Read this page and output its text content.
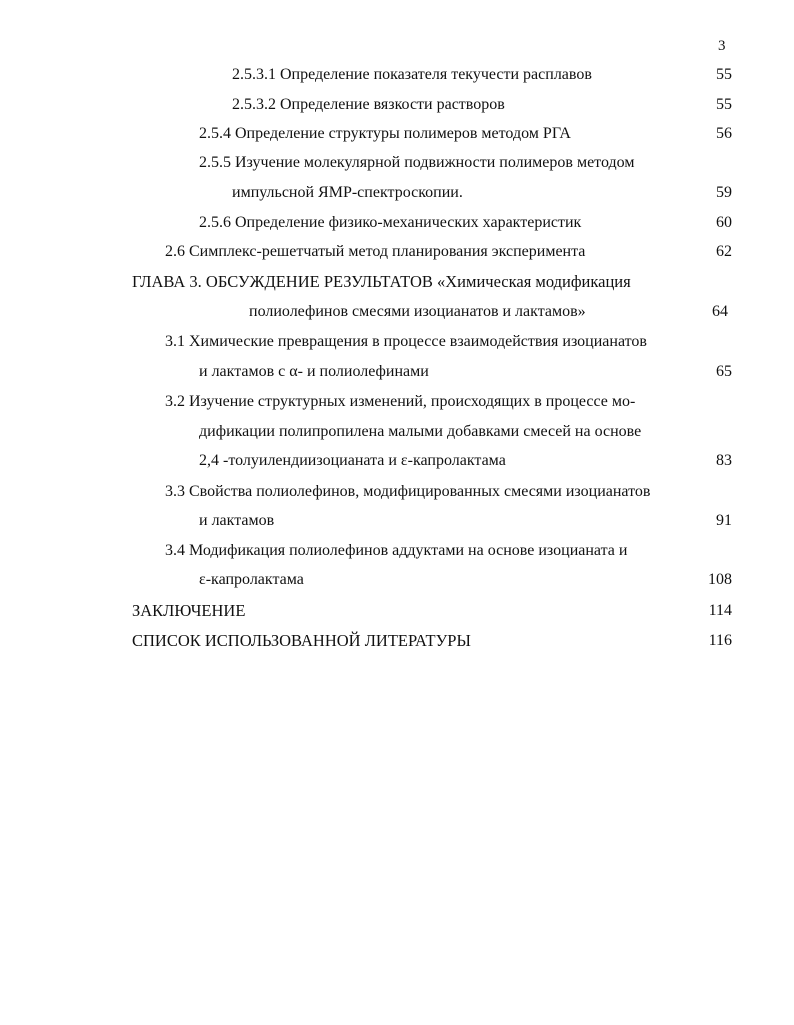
3
2.5.3.1 Определение показателя текучести расплавов	55
2.5.3.2 Определение вязкости растворов	55
2.5.4 Определение структуры полимеров методом РГА	56
2.5.5 Изучение молекулярной подвижности полимеров методом
импульсной ЯМР-спектроскопии.	59
2.5.6 Определение физико-механических характеристик	60
2.6 Симплекс-решетчатый метод планирования эксперимента	62
ГЛАВА 3. ОБСУЖДЕНИЕ РЕЗУЛЬТАТОВ «Химическая модификация
полиолефинов смесями изоцианатов и лактамов»	64
3.1 Химические превращения в процессе взаимодействия изоцианатов
и лактамов с α- и полиолефинами	65
3.2 Изучение структурных изменений, происходящих в процессе мо-
дификации полипропилена малыми добавками смесей на основе
2,4 -толуилендиизоцианата и ε-капролактама	83
3.3 Свойства полиолефинов, модифицированных смесями изоцианатов
и лактамов	91
3.4 Модификация полиолефинов аддуктами на основе изоцианата и
ε-капролактама	108
ЗАКЛЮЧЕНИЕ	114
СПИСОК ИСПОЛЬЗОВАННОЙ ЛИТЕРАТУРЫ	116
